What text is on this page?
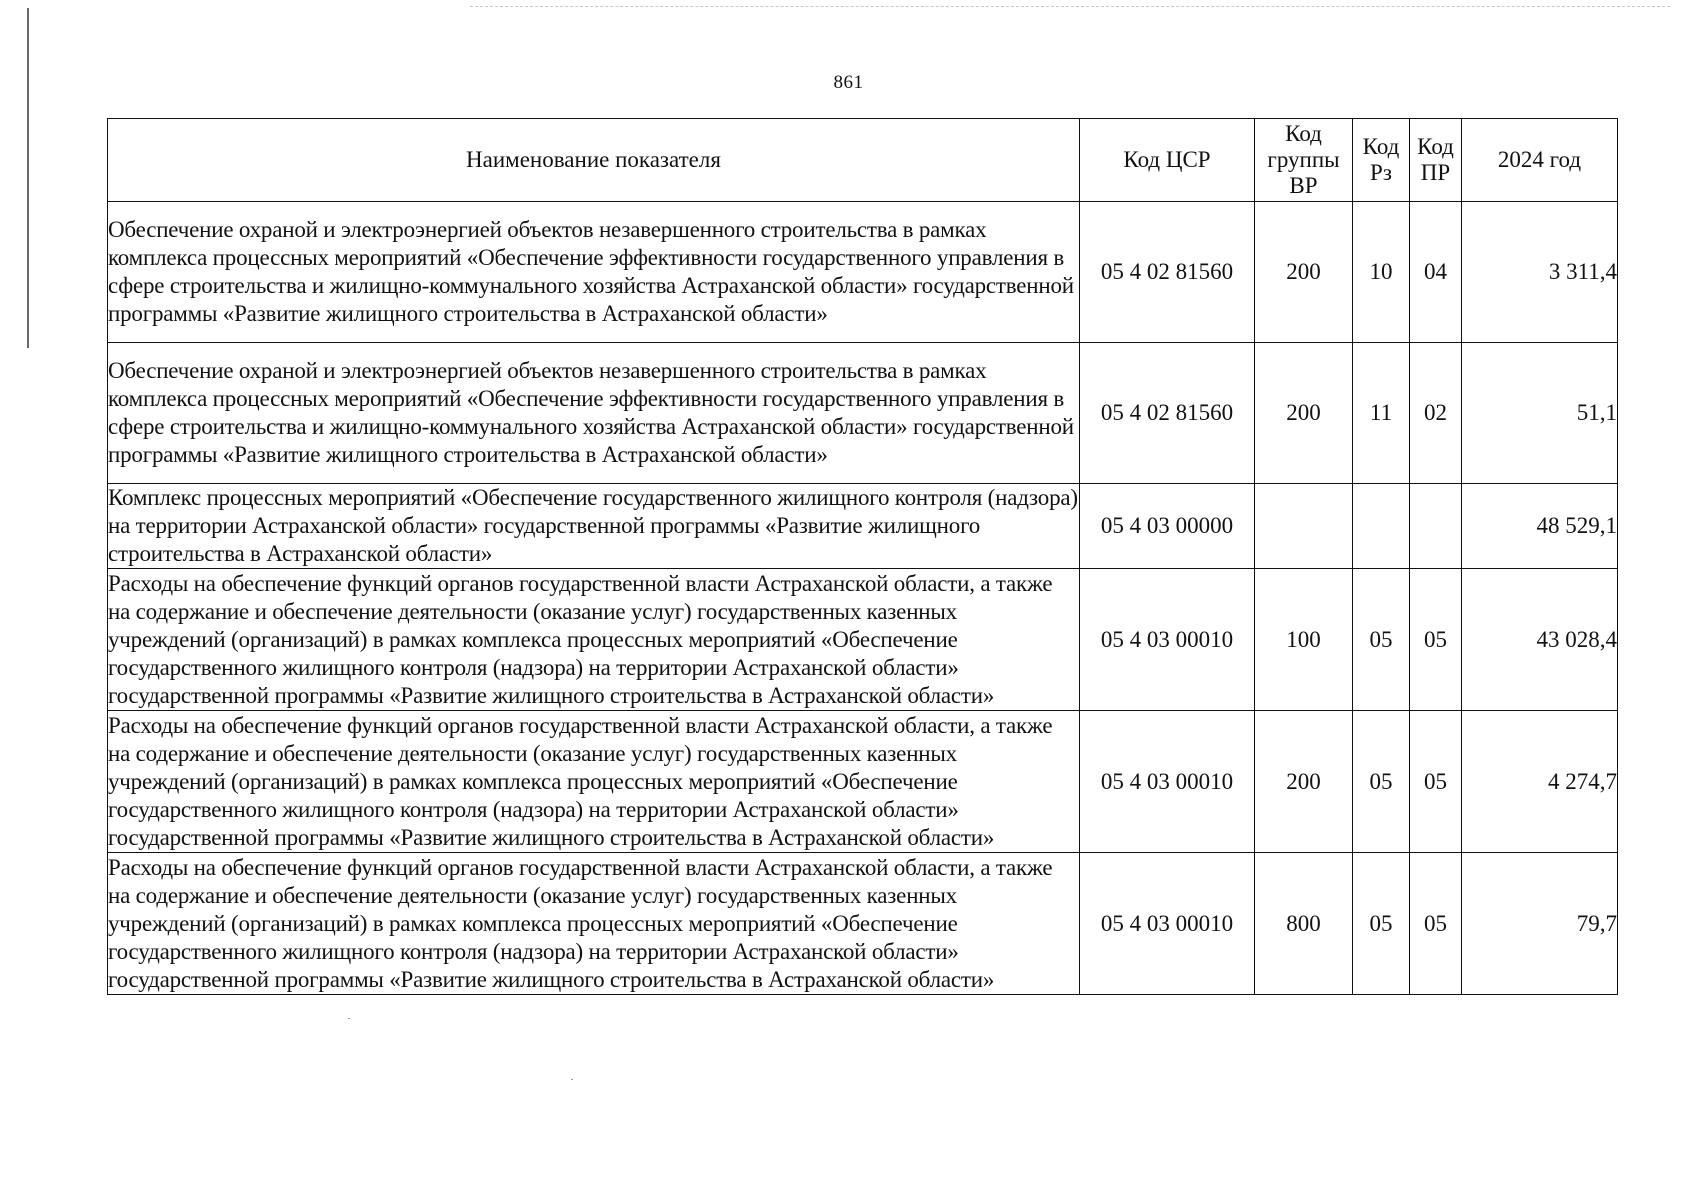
861
Наименование показателя	Код ЦСР	Код группы ВР	Код Рз	Код ПР	2024 год
Обеспечение охраной и электроэнергией объектов незавершенного строительства в рамках комплекса процессных мероприятий «Обеспечение эффективности государственного управления в сфере строительства и жилищно-коммунального хозяйства Астраханской области» государственной программы «Развитие жилищного строительства в Астраханской области»	05 4 02 81560	200	10	04	3 311,4
Обеспечение охраной и электроэнергией объектов незавершенного строительства в рамках комплекса процессных мероприятий «Обеспечение эффективности государственного управления в сфере строительства и жилищно-коммунального хозяйства Астраханской области» государственной программы «Развитие жилищного строительства в Астраханской области»	05 4 02 81560	200	11	02	51,1
Комплекс процессных мероприятий «Обеспечение государственного жилищного контроля (надзора) на территории Астраханской области» государственной программы «Развитие жилищного строительства в Астраханской области»	05 4 03 00000				48 529,1
Расходы на обеспечение функций органов государственной власти Астраханской области, а также на содержание и обеспечение деятельности (оказание услуг) государственных казенных учреждений (организаций) в рамках комплекса процессных мероприятий «Обеспечение государственного жилищного контроля (надзора) на территории Астраханской области» государственной программы «Развитие жилищного строительства в Астраханской области»	05 4 03 00010	100	05	05	43 028,4
Расходы на обеспечение функций органов государственной власти Астраханской области, а также на содержание и обеспечение деятельности (оказание услуг) государственных казенных учреждений (организаций) в рамках комплекса процессных мероприятий «Обеспечение государственного жилищного контроля (надзора) на территории Астраханской области» государственной программы «Развитие жилищного строительства в Астраханской области»	05 4 03 00010	200	05	05	4 274,7
Расходы на обеспечение функций органов государственной власти Астраханской области, а также на содержание и обеспечение деятельности (оказание услуг) государственных казенных учреждений (организаций) в рамках комплекса процессных мероприятий «Обеспечение государственного жилищного контроля (надзора) на территории Астраханской области» государственной программы «Развитие жилищного строительства в Астраханской области»	05 4 03 00010	800	05	05	79,7
